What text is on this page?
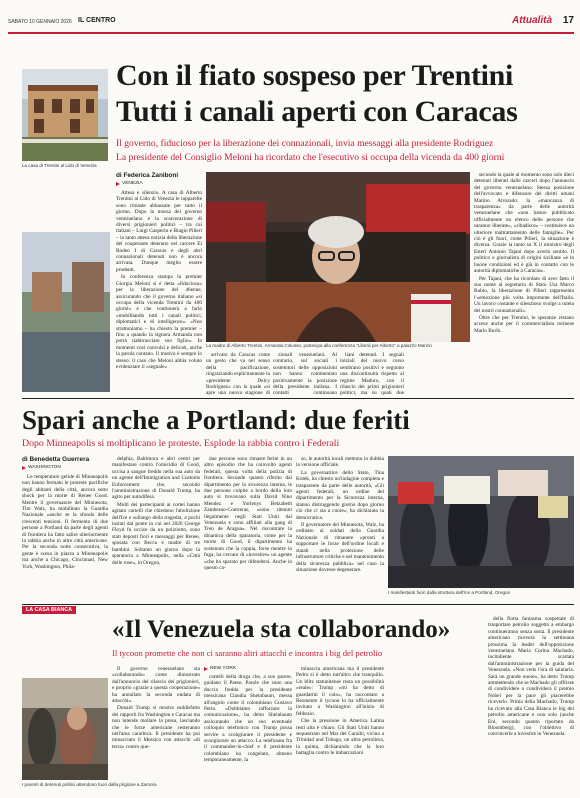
SABATO 10 GENNAIO 2026 IL CENTRO	Attualità 17
La casa di Trentini al Lido di Venezia
Con il fiato sospeso per Trentini
Tutti i canali aperti con Caracas
Il governo, fiducioso per la liberazione dei connazionali, invia messaggi alla presidente Rodriguez
La presidente del Consiglio Meloni ha ricordato che l'esecutivo si occupa della vicenda da 400 giorni
di Federica Zaniboni
VENEZIA

Attesa e silenzio. A casa di Alberto Trentini al Lido di Venezia le tapparelle sono rimaste abbassate per tutto il giorno. Dopo la mossa del governo venezuelano e la scarcerazione di diversi prigionieri politici – tra cui italiani – Luigi Gasperin e Biagio Pilieri – la tanto attesa notizia della liberazione del cooperante detenuto nel carcere El Rodeo I di Caracas e degli altri connazionali detenuti non è ancora arrivata. Dunque meglio essere prudenti.

In conferenza stampa la premier Giorgia Meloni si è detta «fiduciosa» per la liberazione del 46enne, assicurando che il governo italiano «si occupa della vicenda Trentini da 400 giorni» e che continuerà a farlo «mobilitando tutti i canali politici, diplomatici e di intelligence». «Non strattoniamo – ha chiesto la premier – fino a quando la signora Armanda non potrà riabbracciare suo figlio». In momenti così convulsi e delicati, anche la parola contano. Il motivo è sempre lo stesso: il caso che Meloni abbia voluto evidenziare il «segnale»

La madre di Alberto Trentini, Armanda Colusso, partecipa alla conferenza "Liberà per Alberto" a palazzo Marino

arrivato da Caracas come un gesto che va nel senso della pacificazione, ringraziando esplicitamente la «presidente Delcy Rodriguez» con la quale «si apre una nuova stagione di

zionali venezuelani. Al contrario, sul sociali i sostenitori delle opposizioni non hanno commentato positivamente la posizione della presidente italiana. I contatti continuano

liani detenuti. I segnali iniziali del nuovo corso sembrano positivi e seguono una discontinuità rispetto al regime Maduro, con il rilascio dei primi prigionieri politici, ma su quali due

secondo la quale al momento sono solo dieci detenuti liberati dalle carceri dopo l'annuncio del governo venezuelano. Stessa posizione dell'avvocato e difensore dei diritti umani Marino Alvarado: la «mancanza di trasparenza» da parte delle autorità venezuelane che «non hanno pubblicato ufficialmente un elenco delle persone che saranno liberate», «ribadisce» – costituisce un ulteriore maltrattamento delle famiglie». Per ciò è gli fuori, come Pilieri, la situazione è diversa. Grazie la tanto su X il ministro degli Esteri Antonio Tajani dopo averlo sentito. Il politico e giornalista di origini siciliane «è in buone condizioni ed è già in contatto con le autorità diplomatiche a Caracas».

Per Tajani, che ha ricordato di aver fatto il suo nome al segretario di Stato Usa Marco Rubio, la liberazione di Pilieri rappresenta l'«emozione più volta importante dell'Italia. Un lavoro costante e silenzioso svolge a tutela dei nostri connazionali».

Oltre che per Trentini, le speranze restano accese anche per il commercialista torinese Mario Burlò.

Spari anche a Portland: due feriti
Dopo Minneapolis si moltiplicano le proteste. Esplode la rabbia contro i Federali
di Benedetta Guerrera
WASHINGTON

Le temperature gelide di Minneapolis non hanno fermato le proteste pacifiche degli abitanti della città, ancora sotto shock per la morte di Renee Good. Mentre il governatore del Minnesota, Tim Walz, ha mobilitato la Guardia Nazionale «anche se la sfondo delle crescenti tensioni. Il fermento di due persone a Portland da parte degli agenti di frontiera ha fatto salire ulteriormente la rabbia anche in altre città americane. Per la seconda notte consecutiva, la gente è scesa in piazza a Minneapolis ma anche a Chicago, Cincinnati, New York, Washington, Phila-

delphia, Baltimora e altri centri per manifestare contro l'omicidio di Good, uccisa a sangue freddo nella sua auto da un agente dell'Immigration and Customs Enforcement che, secondo l'amministrazione di Donald Trump, ha agito per autodifesa.

Molti dei partecipanti ai cortei hanno agitato cartelli che chiedono l'abolizione dell'Ice e sullango della tragedia, a pochi isolati dal ponte in cui nel 2020 George Floyd fu ucciso da un poliziotto, sono stati deposti fiori e messaggi per Renee, sposata con Becca e madre di tre bambini. Soltanto un giorno dopo la sparatoria a Minneapolis, nella «Città delle rose», in Oregon,

due persone sono rimaste ferite in un altro episodio che ha coinvolto agenti federali, questa volta della polizia di frontiera. Secondo quanto riferito dal dipartimento per la sicurezza interna, le due persone colpite a bordo della loro auto si trovavano sulla David Nino Mendez e Yorlenys Betzabeth Zambrano-Contreras, «sono ritenuti llegalmente negli Stati Uniti dal Venezuela e sono affiliati alla gang di Tren de Aragua». Nel riscontrare la dinamica della sparatoria, come per la morte di Good, il dipartimento ha sostenuto che la coppia, forse mentre in fuga, ha cercato di «investire» un agente «che ha sparato per difendersi. Anche in questo ca-

so, le autorità locali mettono in dubbia la versione ufficiale.

La governatrice dello Stato, Tina Kotek, ha chiesto un'indagine completa e trasparente da parte delle autorità, «Gli agenti federali, un ordine del dipartimento per la Sicurezza interna, stanno distruggendo giorno dopo giorno ciò che ci sta a cuore», ha dichiarato la democratica.

Il governatore del Minnesota, Walz, ha ordinato ai soldati della Guardia Nazionale di rimanere «pronti a supportare le forze dell'ordine locali e statali nella protezione delle infrastrutture critiche e nel mantenimento della sicurezza pubblica» nel caso la situazione dovesse degenerare.

I manifestanti fuori dalla struttura dell'Ice a Portland, Oregon
LA CASA BIANCA
«Il Venezuela sta collaborando»
Il tycoon promette che non ci saranno altri attacchi e incontra i big del petrolio
I parenti di detenuti politici attendono fuori dalla prigione a Zamora

Il governo venezuelano sta «collaborando» come dimostrato dall'annuncio del rilascio dei prigionieri, e proprio «grazie a questa cooperazione» ha annullato la seconda ondata di attacchi».

Donald Trump si mostra soddisfatto dei rapporti fra Washington e Caracas ma non intende mollare la presa, lasciando che le forze americane resteranno nell'area caraibica. Il presidente ha poi minacciato il Messico con attacchi «di terra» contro que-

NEW YORK

cartelli della droga che, a suo parere, guidano il Paese. Parole che sono una doccia fredda per la presidente messicana Claudia Sheinbaum, messa all'angolo come il colombiano Gustavo Petro. «Dobbiamo rafforzare la comunicazione», ha detto Sheinbaum assicurando che un suo eventuale colloquio telefonico con Trump possa servire a scongiurare il presidente e scongiurare un attacco. La telefonata fra il commander-in-chief e il presidente colombiano ha congelato, almeno temporaneamente, la

minaccia americana ma il presidente Pedro si è detto tutt'altro che tranquillo. Un blitz statunitense resta un possibilità «reale»: Trump «mi ha detto di guardarmi il culo», ha raccontato a Bezmente il tycoon lo ha ufficialmente invitato a Washington all'inizio di febbraio.

Che la pressione in America Latina resti alta è chiaro. Gli Stati Uniti hanno sequestrato nel Mar dei Caraibi, vicino a Trinidad and Tobago, un altra petroliera, la quinta, dichiarando che la loro battaglia contro le imbarcazioni

della flotta fantasma sospettate di trasportare petrolio soggetto a embargo continueranno senza sosta. Il presidente americano riceverà la settimana prossima la leader dell'opposizione venezuelana Maria Corina Machado, incitaliente scartata dall'amministrazione per la guida del Venezuela. «Non vedo l'ora di salutarla. Sarà un grande onore», ha detto Trump ammettendo che se Machado gli offrisse di condividere o condividerà il premio Nobel per la pace gli piacerebbe riceverlo. Prima della Machado, Trump ha ricevuto alla Casa Bianca le big del petrolio americane e non solo (anche Eni, secondo quanto riportato da Bloomberg), con l'obiettivo di convincerle a investire in Venezuela.
